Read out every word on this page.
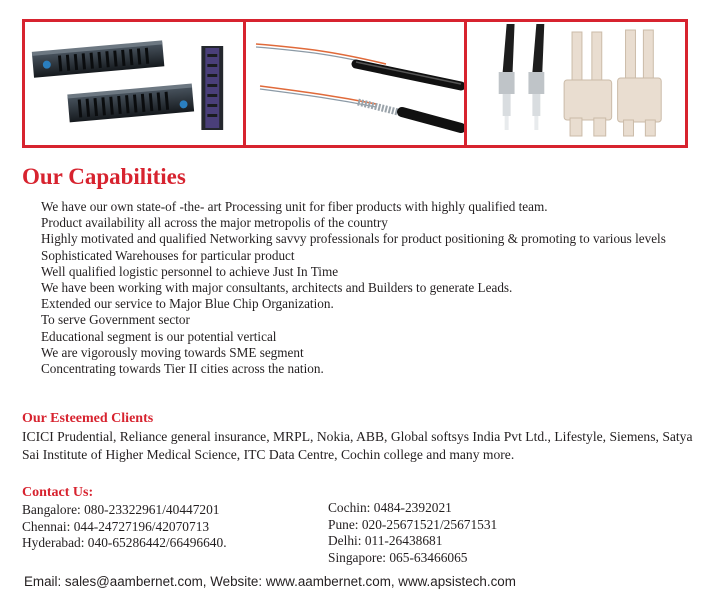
Our Capabilities
We have our own state-of -the- art Processing unit for fiber products with highly qualified team.
Product availability all across the major metropolis of the country
Highly motivated and qualified Networking savvy professionals for product positioning & promoting to various levels
Sophisticated Warehouses for particular product
Well qualified logistic personnel to achieve Just In Time
We have been working with major consultants, architects and Builders to generate Leads.
Extended our service to Major Blue Chip Organization.
To serve Government sector
Educational segment is our potential vertical
We are vigorously moving towards SME segment
Concentrating towards Tier II cities across the nation.
Our Esteemed Clients

ICICI Prudential, Reliance general insurance, MRPL, Nokia, ABB, Global softsys India Pvt Ltd., Lifestyle, Siemens, Satya Sai Institute of Higher Medical Science, ITC Data Centre, Cochin college and many more.

Contact Us:
Bangalore: 080-23322961/40447201
Chennai: 044-24727196/42070713
Hyderabad: 040-65286442/66496640.
Cochin: 0484-2392021
Pune: 020-25671521/25671531
Delhi: 011-26438681
Singapore: 065-63466065

Email: sales@aambernet.com, Website: www.aambernet.com, www.apsistech.com
